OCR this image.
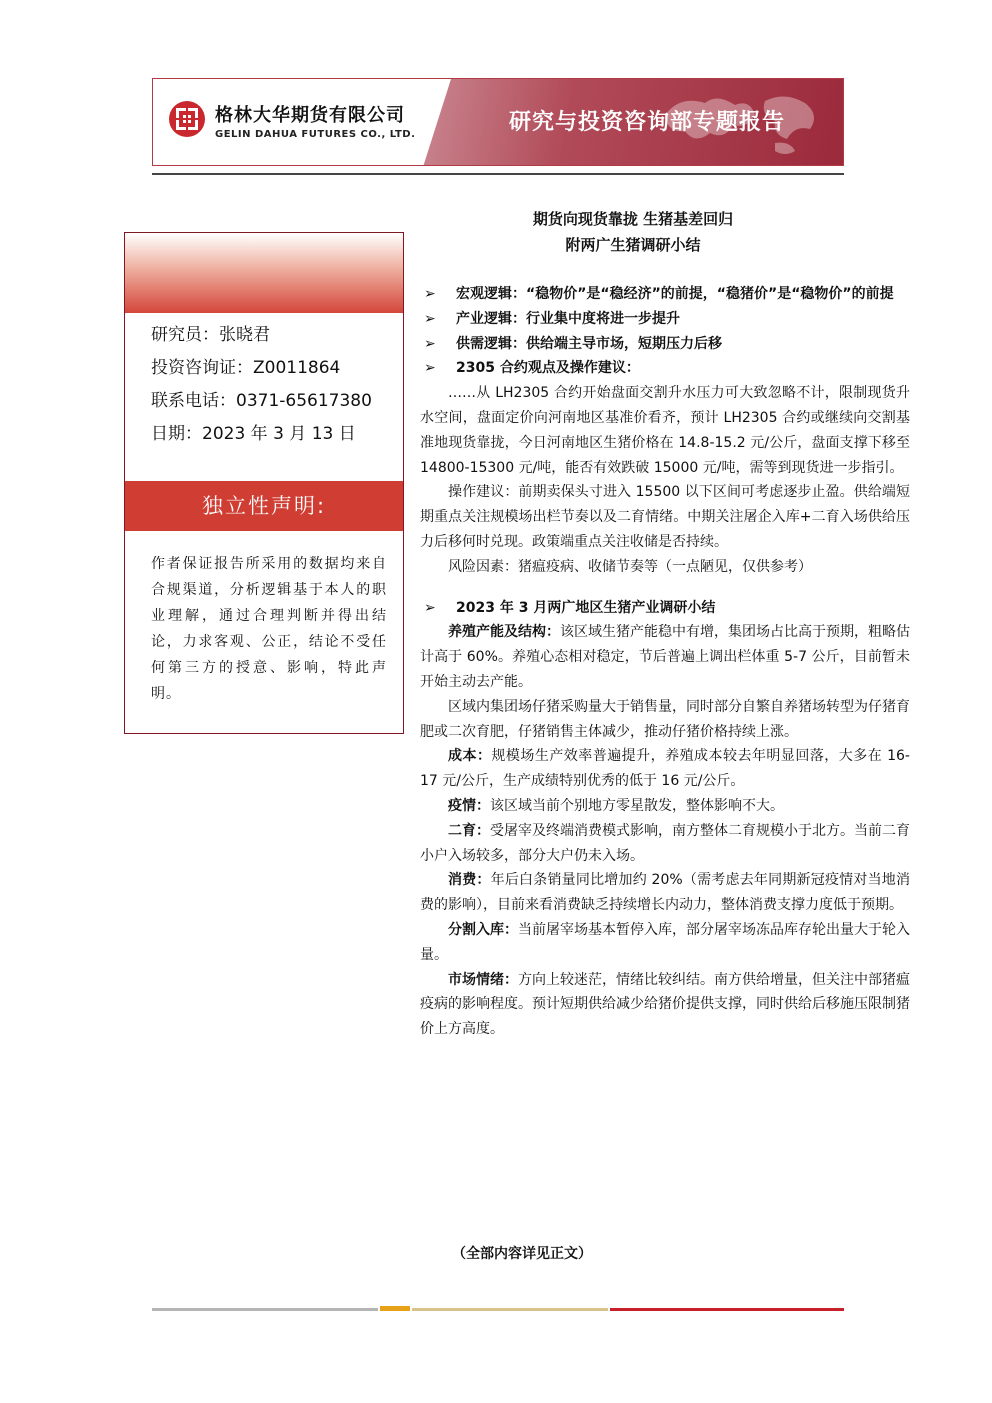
格林大华期货有限公司
GELIN DAHUA FUTURES CO., LTD.	研究与投资咨询部专题报告
研究员：张晓君
投资咨询证：Z0011864
联系电话：0371-65617380
日期：2023 年 3 月 13 日
独立性声明:
作者保证报告所采用的数据均来自合规渠道，分析逻辑基于本人的职业理解，通过合理判断并得出结论，力求客观、公正，结论不受任何第三方的授意、影响，特此声明。
期货向现货靠拢 生猪基差回归
附两广生猪调研小结
➢ 宏观逻辑：“稳物价”是“稳经济”的前提，“稳猪价”是“稳物价”的前提
➢ 产业逻辑：行业集中度将进一步提升
➢ 供需逻辑：供给端主导市场，短期压力后移
➢ 2305 合约观点及操作建议：
……从 LH2305 合约开始盘面交割升水压力可大致忽略不计，限制现货升水空间，盘面定价向河南地区基准价看齐，预计 LH2305 合约或继续向交割基准地现货靠拢，今日河南地区生猪价格在 14.8-15.2 元/公斤，盘面支撑下移至 14800-15300 元/吨，能否有效跌破 15000 元/吨，需等到现货进一步指引。
操作建议：前期卖保头寸进入 15500 以下区间可考虑逐步止盈。供给端短期重点关注规模场出栏节奏以及二育情绪。中期关注屠企入库+二育入场供给压力后移何时兑现。政策端重点关注收储是否持续。
风险因素：猪瘟疫病、收储节奏等（一点陋见，仅供参考）
➢ 2023 年 3 月两广地区生猪产业调研小结
养殖产能及结构：该区域生猪产能稳中有增，集团场占比高于预期，粗略估计高于 60%。养殖心态相对稳定，节后普遍上调出栏体重 5-7 公斤，目前暂未开始主动去产能。
区域内集团场仔猪采购量大于销售量，同时部分自繁自养猪场转型为仔猪育肥或二次育肥，仔猪销售主体减少，推动仔猪价格持续上涨。
成本：规模场生产效率普遍提升，养殖成本较去年明显回落，大多在 16-17 元/公斤，生产成绩特别优秀的低于 16 元/公斤。
疫情：该区域当前个别地方零星散发，整体影响不大。
二育：受屠宰及终端消费模式影响，南方整体二育规模小于北方。当前二育小户入场较多，部分大户仍未入场。
消费：年后白条销量同比增加约 20%（需考虑去年同期新冠疫情对当地消费的影响），目前来看消费缺乏持续增长内动力，整体消费支撑力度低于预期。
分割入库：当前屠宰场基本暂停入库，部分屠宰场冻品库存轮出量大于轮入量。
市场情绪：方向上较迷茫，情绪比较纠结。南方供给增量，但关注中部猪瘟疫病的影响程度。预计短期供给减少给猪价提供支撑，同时供给后移施压限制猪价上方高度。
（全部内容详见正文）
